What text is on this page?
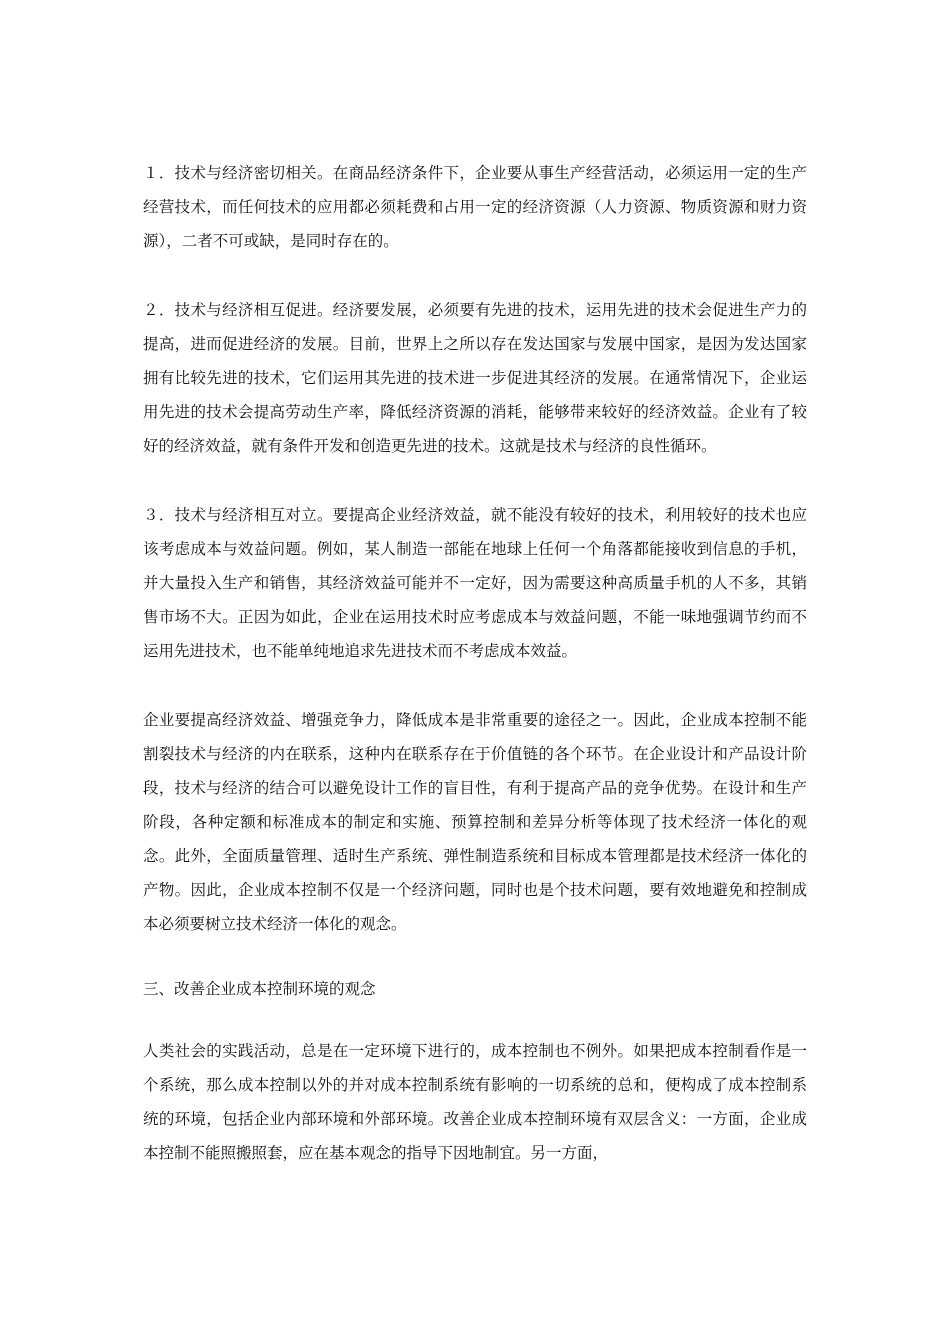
１．技术与经济密切相关。在商品经济条件下，企业要从事生产经营活动，必须运用一定的生产经营技术，而任何技术的应用都必须耗费和占用一定的经济资源（人力资源、物质资源和财力资源），二者不可或缺，是同时存在的。

２．技术与经济相互促进。经济要发展，必须要有先进的技术，运用先进的技术会促进生产力的提高，进而促进经济的发展。目前，世界上之所以存在发达国家与发展中国家，是因为发达国家拥有比较先进的技术，它们运用其先进的技术进一步促进其经济的发展。在通常情况下，企业运用先进的技术会提高劳动生产率，降低经济资源的消耗，能够带来较好的经济效益。企业有了较好的经济效益，就有条件开发和创造更先进的技术。这就是技术与经济的良性循环。

３．技术与经济相互对立。要提高企业经济效益，就不能没有较好的技术，利用较好的技术也应该考虑成本与效益问题。例如，某人制造一部能在地球上任何一个角落都能接收到信息的手机，并大量投入生产和销售，其经济效益可能并不一定好，因为需要这种高质量手机的人不多，其销售市场不大。正因为如此，企业在运用技术时应考虑成本与效益问题，不能一味地强调节约而不运用先进技术，也不能单纯地追求先进技术而不考虑成本效益。

企业要提高经济效益、增强竞争力，降低成本是非常重要的途径之一。因此，企业成本控制不能割裂技术与经济的内在联系，这种内在联系存在于价值链的各个环节。在企业设计和产品设计阶段，技术与经济的结合可以避免设计工作的盲目性，有利于提高产品的竞争优势。在设计和生产阶段，各种定额和标准成本的制定和实施、预算控制和差异分析等体现了技术经济一体化的观念。此外，全面质量管理、适时生产系统、弹性制造系统和目标成本管理都是技术经济一体化的产物。因此，企业成本控制不仅是一个经济问题，同时也是个技术问题，要有效地避免和控制成本必须要树立技术经济一体化的观念。

三、改善企业成本控制环境的观念

人类社会的实践活动，总是在一定环境下进行的，成本控制也不例外。如果把成本控制看作是一个系统，那么成本控制以外的并对成本控制系统有影响的一切系统的总和，便构成了成本控制系统的环境，包括企业内部环境和外部环境。改善企业成本控制环境有双层含义：一方面，企业成本控制不能照搬照套，应在基本观念的指导下因地制宜。另一方面，
